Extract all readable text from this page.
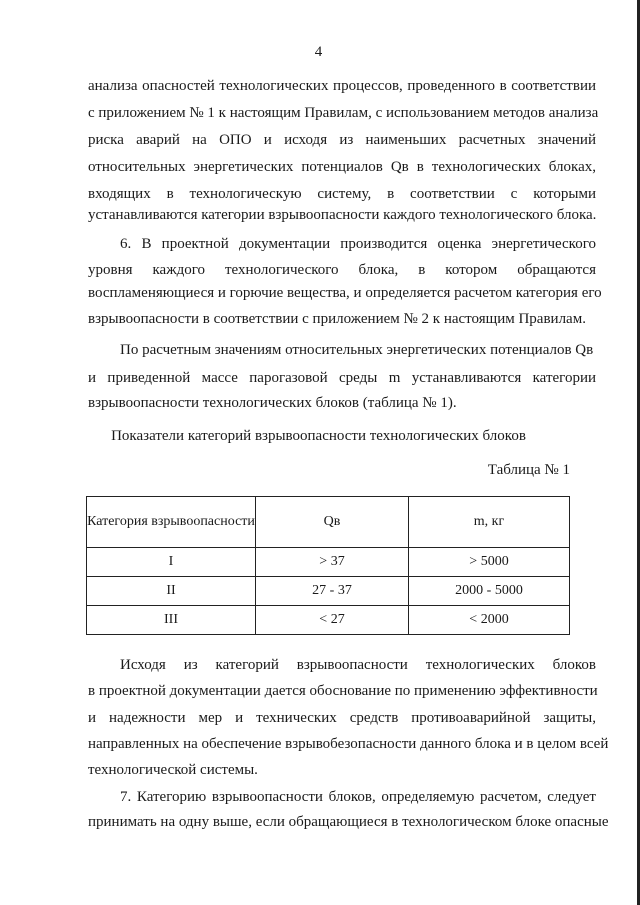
4
анализа опасностей технологических процессов, проведенного в соответствии
с приложением № 1 к настоящим Правилам, с использованием методов анализа
риска аварий на ОПО и исходя из наименьших расчетных значений
относительных энергетических потенциалов Qв в технологических блоках,
входящих в технологическую систему, в соответствии с которыми
устанавливаются категории взрывоопасности каждого технологического блока.
6. В проектной документации производится оценка энергетического
уровня каждого технологического блока, в котором обращаются
воспламеняющиеся и горючие вещества, и определяется расчетом категория его
взрывоопасности в соответствии с приложением № 2 к настоящим Правилам.
По расчетным значениям относительных энергетических потенциалов Qв
и приведенной массе парогазовой среды m устанавливаются категории
взрывоопасности технологических блоков (таблица № 1).
Показатели категорий взрывоопасности технологических блоков
Таблица № 1
Категория взрывоопасности	Qв	m, кг
I	> 37	> 5000
II	27 - 37	2000 - 5000
III	< 27	< 2000
Исходя из категорий взрывоопасности технологических блоков
в проектной документации дается обоснование по применению эффективности
и надежности мер и технических средств противоаварийной защиты,
направленных на обеспечение взрывобезопасности данного блока и в целом всей
технологической системы.
7. Категорию взрывоопасности блоков, определяемую расчетом, следует
принимать на одну выше, если обращающиеся в технологическом блоке опасные
